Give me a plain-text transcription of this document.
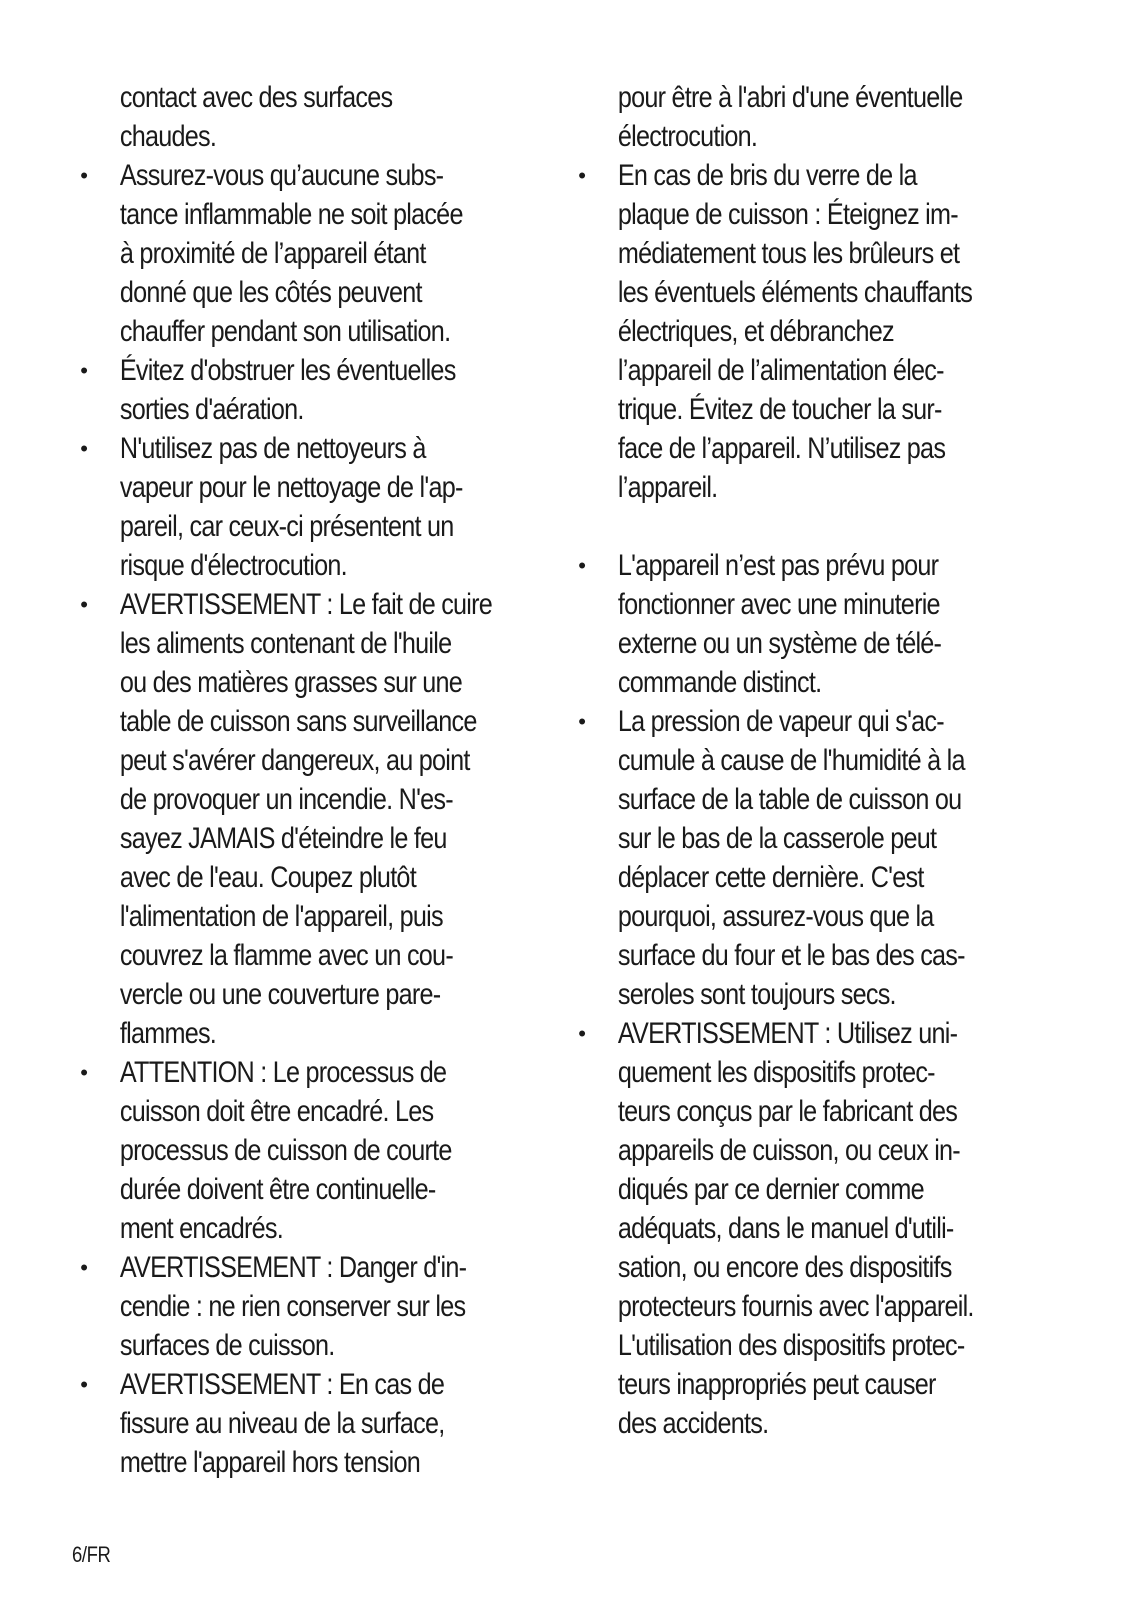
contact avec des surfaces
chaudes.
• Assurez-vous qu’aucune subs-
tance inflammable ne soit placée
à proximité de l’appareil étant
donné que les côtés peuvent
chauffer pendant son utilisation.
• Évitez d'obstruer les éventuelles
sorties d'aération.
• N'utilisez pas de nettoyeurs à
vapeur pour le nettoyage de l'ap-
pareil, car ceux-ci présentent un
risque d'électrocution.
• AVERTISSEMENT : Le fait de cuire
les aliments contenant de l'huile
ou des matières grasses sur une
table de cuisson sans surveillance
peut s'avérer dangereux, au point
de provoquer un incendie. N'es-
sayez JAMAIS d'éteindre le feu
avec de l'eau. Coupez plutôt
l'alimentation de l'appareil, puis
couvrez la flamme avec un cou-
vercle ou une couverture pare-
flammes.
• ATTENTION : Le processus de
cuisson doit être encadré. Les
processus de cuisson de courte
durée doivent être continuelle-
ment encadrés.
• AVERTISSEMENT : Danger d'in-
cendie : ne rien conserver sur les
surfaces de cuisson.
• AVERTISSEMENT : En cas de
fissure au niveau de la surface,
mettre l'appareil hors tension
pour être à l'abri d'une éventuelle
électrocution.
• En cas de bris du verre de la
plaque de cuisson : Éteignez im-
médiatement tous les brûleurs et
les éventuels éléments chauffants
électriques, et débranchez
l’appareil de l’alimentation élec-
trique. Évitez de toucher la sur-
face de l’appareil. N’utilisez pas
l’appareil.
• L'appareil n’est pas prévu pour
fonctionner avec une minuterie
externe ou un système de télé-
commande distinct.
• La pression de vapeur qui s'ac-
cumule à cause de l'humidité à la
surface de la table de cuisson ou
sur le bas de la casserole peut
déplacer cette dernière. C'est
pourquoi, assurez-vous que la
surface du four et le bas des cas-
seroles sont toujours secs.
• AVERTISSEMENT : Utilisez uni-
quement les dispositifs protec-
teurs conçus par le fabricant des
appareils de cuisson, ou ceux in-
diqués par ce dernier comme
adéquats, dans le manuel d'utili-
sation, ou encore des dispositifs
protecteurs fournis avec l'appareil.
L'utilisation des dispositifs protec-
teurs inappropriés peut causer
des accidents.
6/FR
